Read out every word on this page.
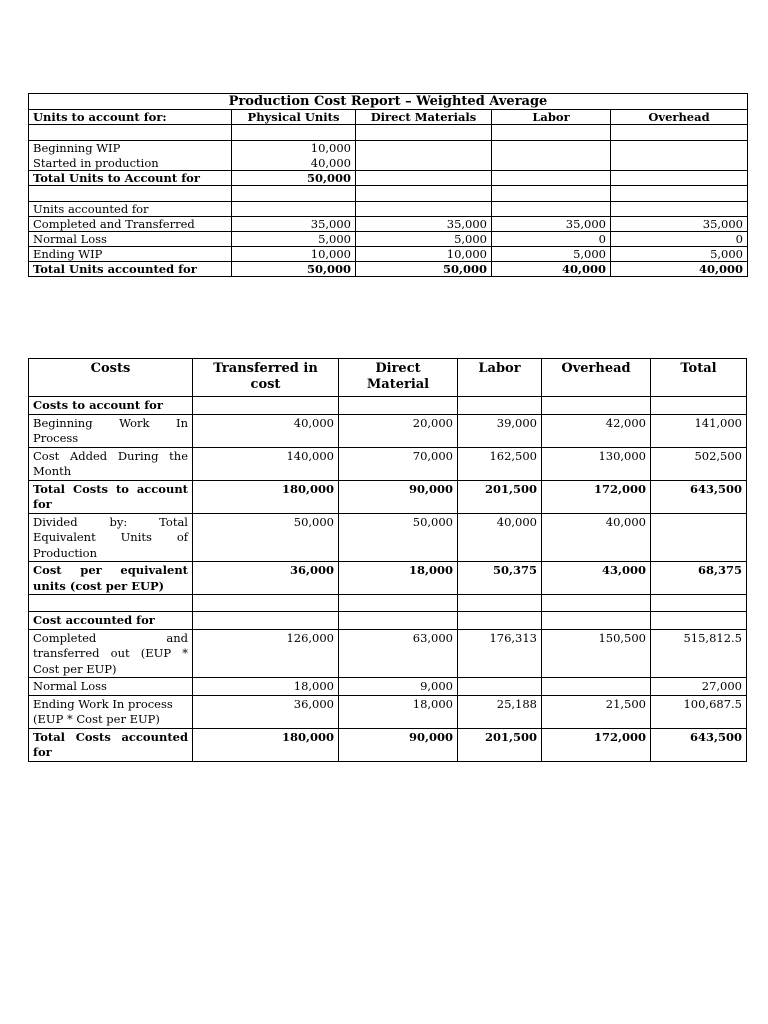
Production Cost Report – Weighted Average				
Units to account for:	Physical Units	Direct Materials	Labor	Overhead

Beginning WIP	10,000			
Started in production	40,000			
Total Units to Account for	50,000			

Units accounted for				
Completed and Transferred	35,000	35,000	35,000	35,000
Normal Loss	5,000	5,000	0	0
Ending WIP	10,000	10,000	5,000	5,000
Total Units accounted for	50,000	50,000	40,000	40,000
Costs	Transferred in cost	Direct Material	Labor	Overhead	Total
Costs to account for					
Beginning Work In Process	40,000	20,000	39,000	42,000	141,000
Cost Added During the Month	140,000	70,000	162,500	130,000	502,500
Total Costs to account for	180,000	90,000	201,500	172,000	643,500
Divided by: Total Equivalent Units of Production	50,000	50,000	40,000	40,000	
Cost per equivalent units (cost per EUP)	36,000	18,000	50,375	43,000	68,375

Cost accounted for					
Completed and transferred out (EUP * Cost per EUP)	126,000	63,000	176,313	150,500	515,812.5
Normal Loss	18,000	9,000			27,000
Ending Work In process (EUP * Cost per EUP)	36,000	18,000	25,188	21,500	100,687.5
Total Costs accounted for	180,000	90,000	201,500	172,000	643,500
